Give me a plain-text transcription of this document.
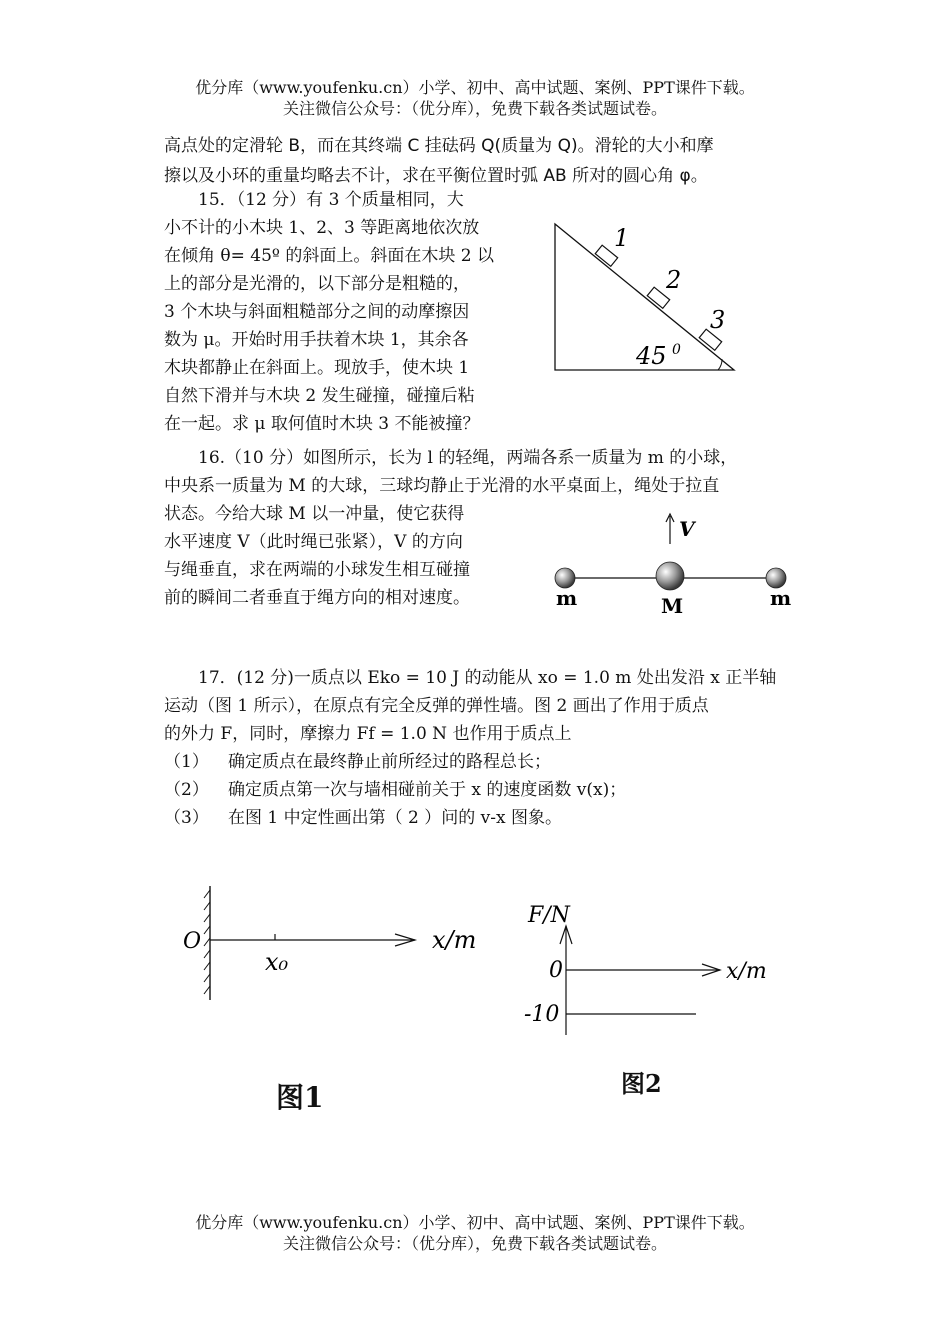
优分库（www.youfenku.cn）小学、初中、高中试题、案例、PPT课件下载。
关注微信公众号：（优分库），免费下载各类试题试卷。
高点处的定滑轮 B，而在其终端 C 挂砝码 Q(质量为 Q)。滑轮的大小和摩
擦以及小环的重量均略去不计，求在平衡位置时弧 AB 所对的圆心角 φ。
15．（12 分）有 3 个质量相同，大
小不计的小木块 1、2、3 等距离地依次放
在倾角 θ= 45º 的斜面上。斜面在木块 2 以
上的部分是光滑的，以下部分是粗糙的，
3 个木块与斜面粗糙部分之间的动摩擦因
数为 μ。开始时用手扶着木块 1，其余各
木块都静止在斜面上。现放手，使木块 1
自然下滑并与木块 2 发生碰撞，碰撞后粘
在一起。求 μ 取何值时木块 3 不能被撞？
1
2
3
45 0
16.（10 分）如图所示，长为 l 的轻绳，两端各系一质量为 m 的小球，
中央系一质量为 M 的大球，三球均静止于光滑的水平桌面上，绳处于拉直
状态。今给大球 M 以一冲量，使它获得
水平速度 V（此时绳已张紧），V 的方向
与绳垂直，求在两端的小球发生相互碰撞
前的瞬间二者垂直于绳方向的相对速度。
V
m	M	m
17．(12 分)一质点以 Eko = 10 J 的动能从 xo = 1.0 m 处出发沿 x 正半轴
运动（图 1 所示），在原点有完全反弹的弹性墙。图 2 画出了作用于质点
的外力 F，同时，摩擦力 Ff = 1.0 N 也作用于质点上
（1） 确定质点在最终静止前所经过的路程总长；
（2） 确定质点第一次与墙相碰前关于 x 的速度函数 v(x)；
（3） 在图 1 中定性画出第（ 2 ）问的 v-x 图象。
O
x₀
x/m
图1
F/N
0
-10
x/m
图2
优分库（www.youfenku.cn）小学、初中、高中试题、案例、PPT课件下载。
关注微信公众号：（优分库），免费下载各类试题试卷。
